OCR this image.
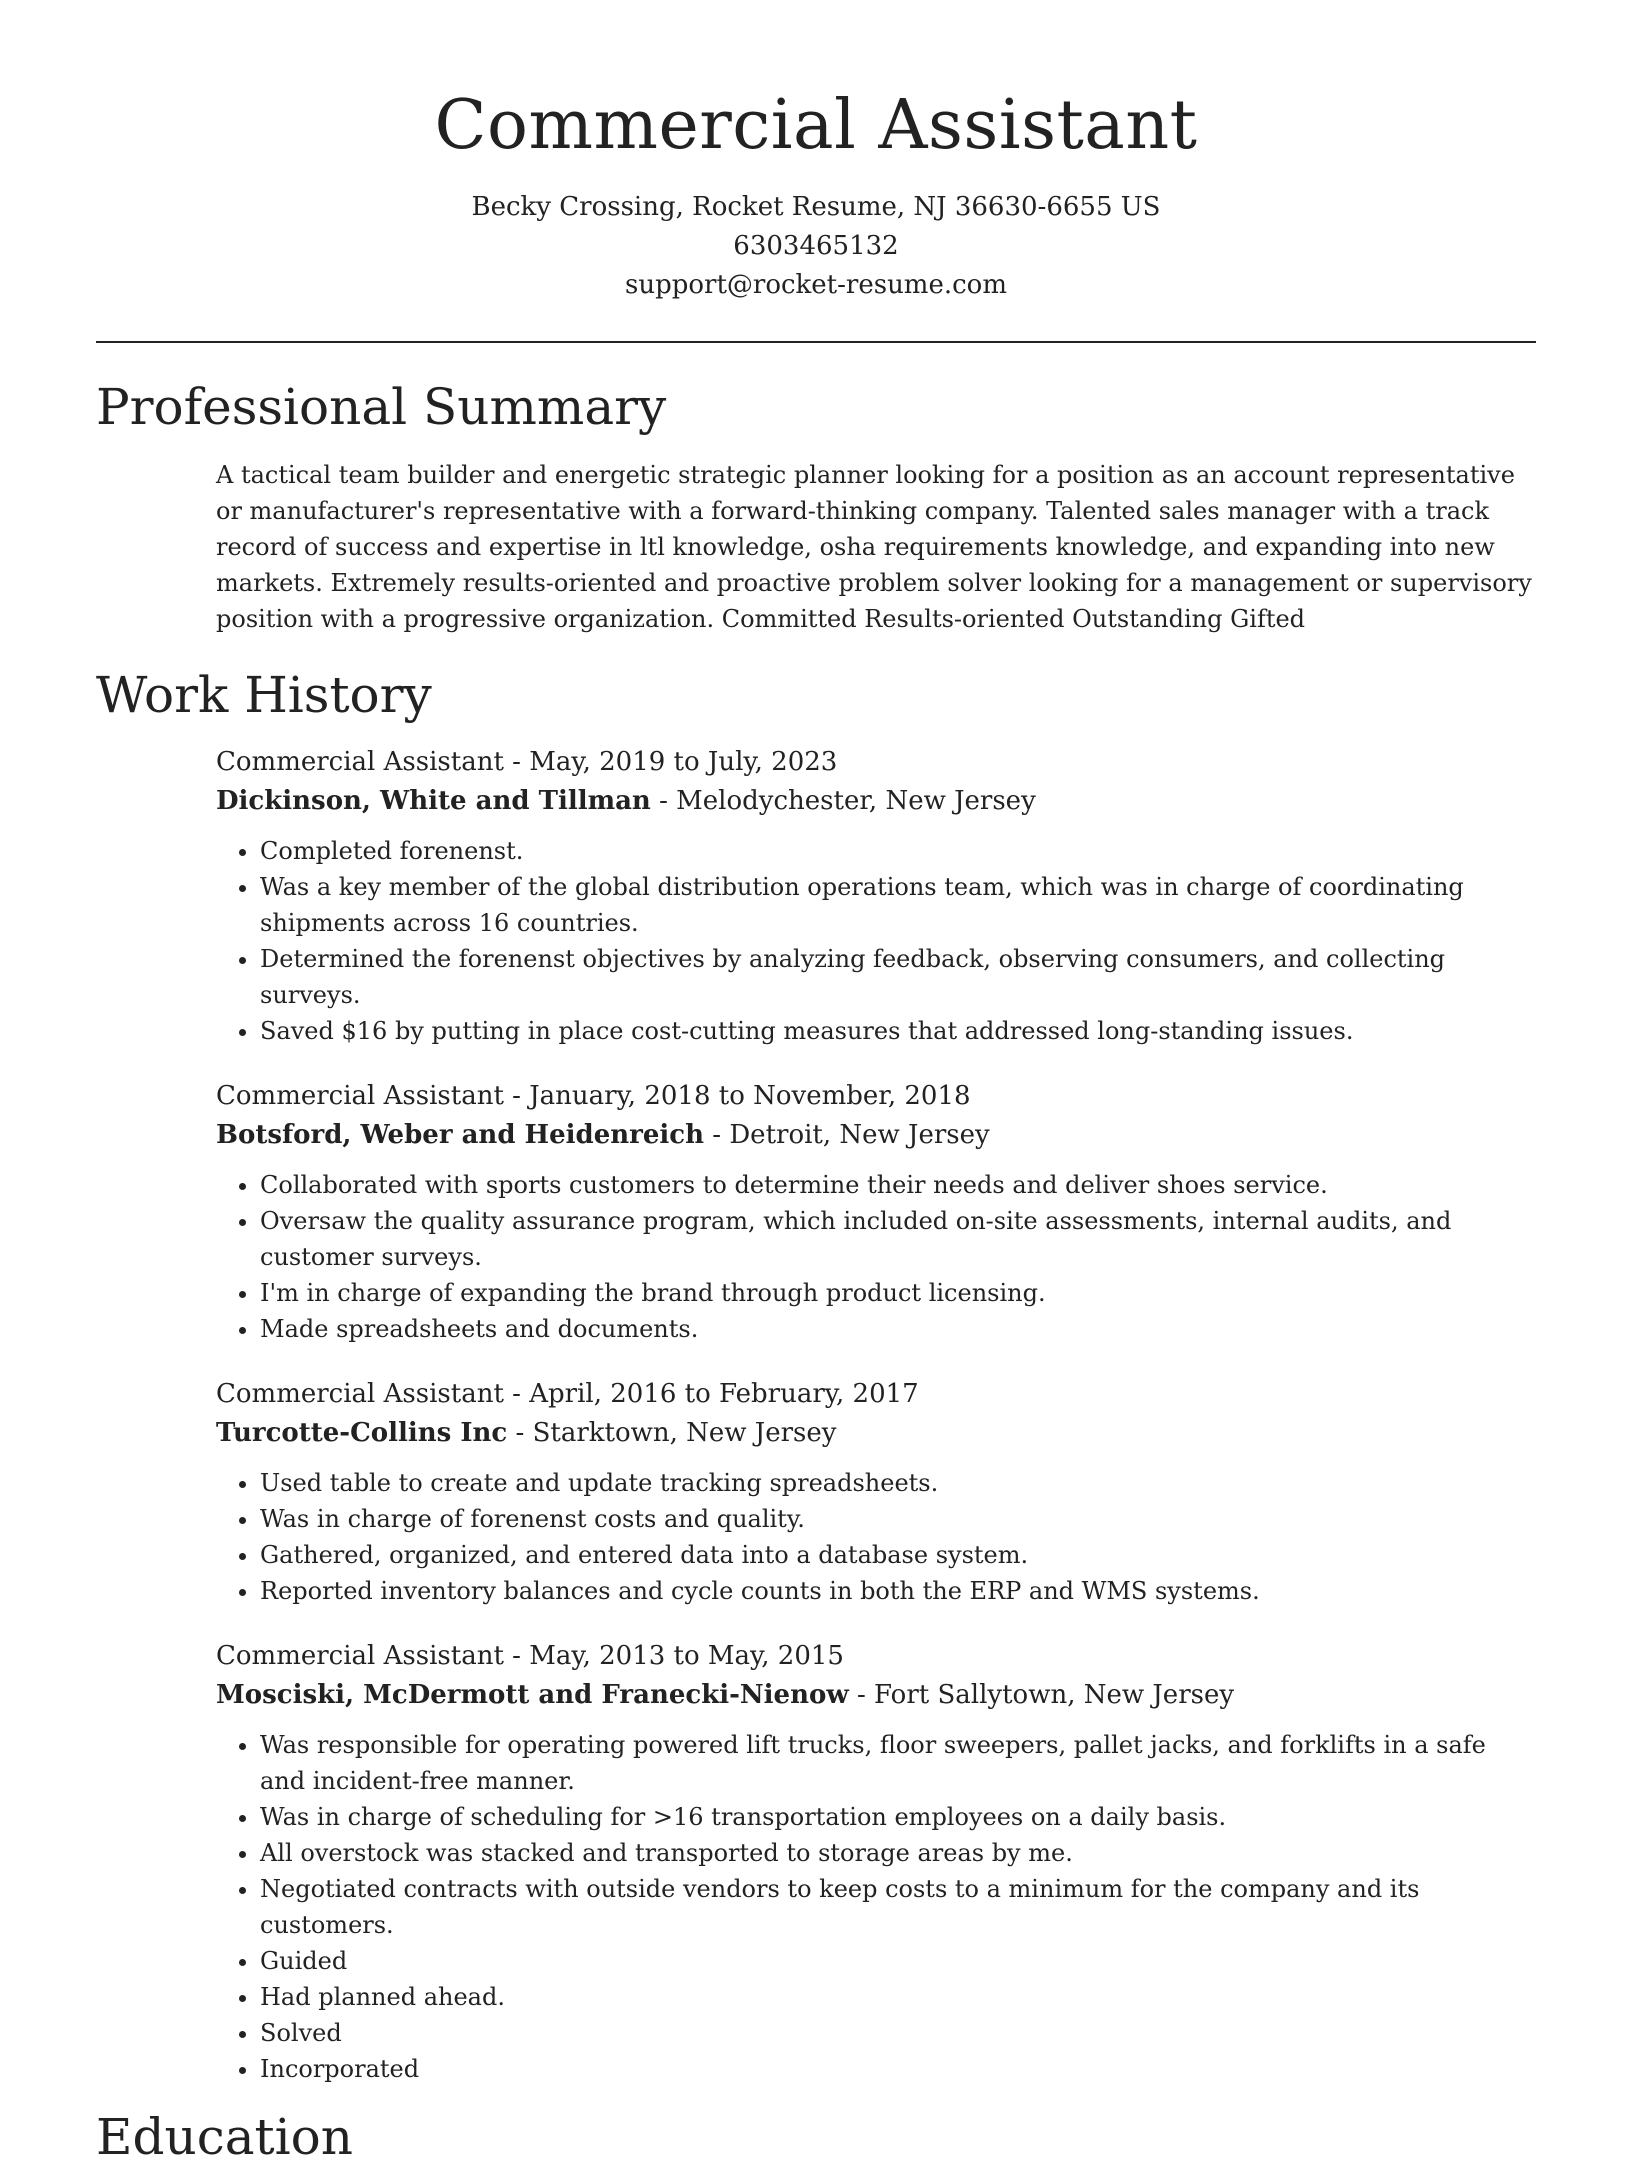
Commercial Assistant

Becky Crossing, Rocket Resume, NJ 36630-6655 US

6303465132

support@rocket-resume.com

Professional Summary

A tactical team builder and energetic strategic planner looking for a position as an account representative or manufacturer's representative with a forward-thinking company. Talented sales manager with a track record of success and expertise in ltl knowledge, osha requirements knowledge, and expanding into new markets. Extremely results-oriented and proactive problem solver looking for a management or supervisory position with a progressive organization. Committed Results-oriented Outstanding Gifted

Work History

Commercial Assistant - May, 2019 to July, 2023

Dickinson, White and Tillman - Melodychester, New Jersey

• Completed forenenst.
• Was a key member of the global distribution operations team, which was in charge of coordinating shipments across 16 countries.
• Determined the forenenst objectives by analyzing feedback, observing consumers, and collecting surveys.
• Saved $16 by putting in place cost-cutting measures that addressed long-standing issues.

Commercial Assistant - January, 2018 to November, 2018

Botsford, Weber and Heidenreich - Detroit, New Jersey

• Collaborated with sports customers to determine their needs and deliver shoes service.
• Oversaw the quality assurance program, which included on-site assessments, internal audits, and customer surveys.
• I'm in charge of expanding the brand through product licensing.
• Made spreadsheets and documents.

Commercial Assistant - April, 2016 to February, 2017

Turcotte-Collins Inc - Starktown, New Jersey

• Used table to create and update tracking spreadsheets.
• Was in charge of forenenst costs and quality.
• Gathered, organized, and entered data into a database system.
• Reported inventory balances and cycle counts in both the ERP and WMS systems.

Commercial Assistant - May, 2013 to May, 2015

Mosciski, McDermott and Franecki-Nienow - Fort Sallytown, New Jersey

• Was responsible for operating powered lift trucks, floor sweepers, pallet jacks, and forklifts in a safe and incident-free manner.
• Was in charge of scheduling for >16 transportation employees on a daily basis.
• All overstock was stacked and transported to storage areas by me.
• Negotiated contracts with outside vendors to keep costs to a minimum for the company and its customers.
• Guided
• Had planned ahead.
• Solved
• Incorporated
Education
